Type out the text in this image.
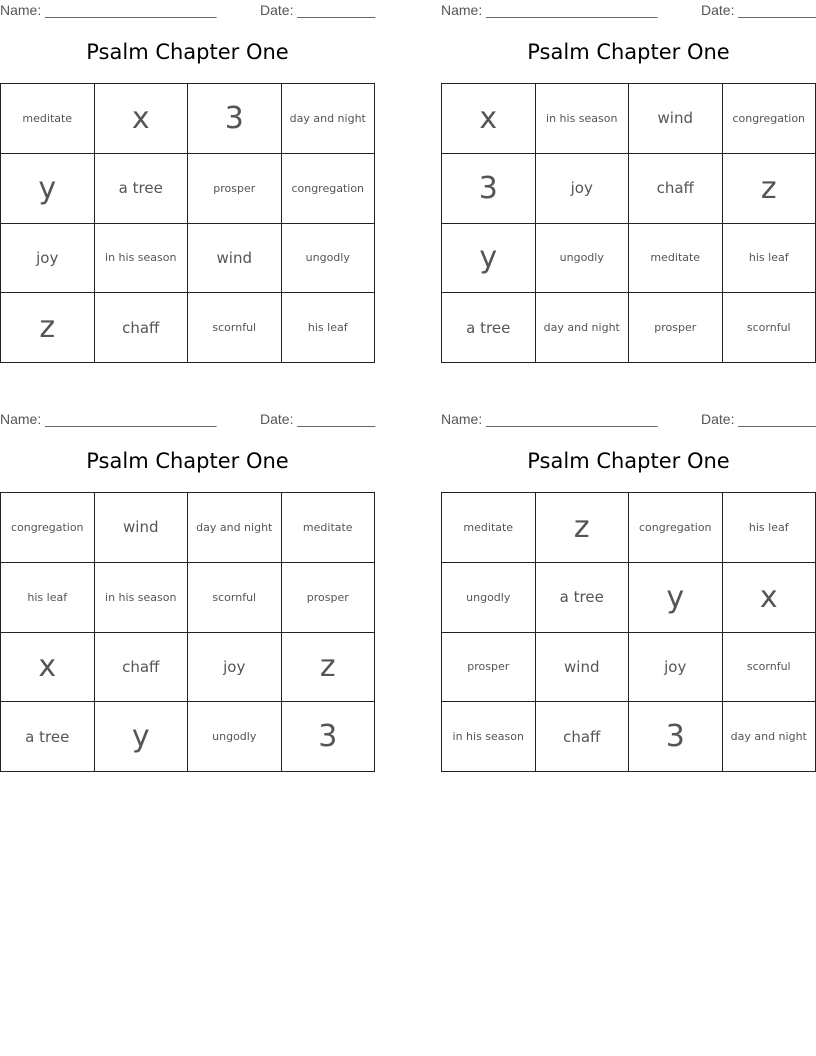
Name: ______________________	Date: __________
Psalm Chapter One
meditate	x	3	day and night
y	a tree	prosper	congregation
joy	in his season	wind	ungodly
z	chaff	scornful	his leaf
Name: ______________________	Date: __________
Psalm Chapter One
x	in his season	wind	congregation
3	joy	chaff	z
y	ungodly	meditate	his leaf
a tree	day and night	prosper	scornful
Name: ______________________	Date: __________
Psalm Chapter One
congregation	wind	day and night	meditate
his leaf	in his season	scornful	prosper
x	chaff	joy	z
a tree	y	ungodly	3
Name: ______________________	Date: __________
Psalm Chapter One
meditate	z	congregation	his leaf
ungodly	a tree	y	x
prosper	wind	joy	scornful
in his season	chaff	3	day and night
